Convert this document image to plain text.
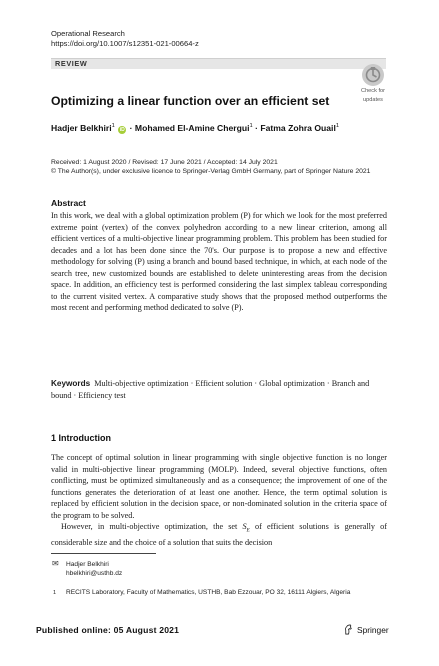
Operational Research
https://doi.org/10.1007/s12351-021-00664-z
REVIEW
Check for
updates
Optimizing a linear function over an efficient set
Hadjer Belkhiri$^1$ iD · Mohamed El-Amine Chergui$^1$ · Fatma Zohra Ouail$^1$
Received: 1 August 2020 / Revised: 17 June 2021 / Accepted: 14 July 2021
© The Author(s), under exclusive licence to Springer-Verlag GmbH Germany, part of Springer Nature 2021
Abstract
In this work, we deal with a global optimization problem (P) for which we look for the most preferred extreme point (vertex) of the convex polyhedron according to a new linear criterion, among all efficient vertices of a multi-objective linear programming problem. This problem has been studied for decades and a lot has been done since the 70's. Our purpose is to propose a new and effective methodology for solving (P) using a branch and bound based technique, in which, at each node of the search tree, new customized bounds are established to delete uninteresting areas from the decision space. In addition, an efficiency test is performed considering the last simplex tableau corresponding to the current visited vertex. A comparative study shows that the proposed method outperforms the most recent and performing method dedicated to solve (P).
Keywords Multi-objective optimization · Efficient solution · Global optimization · Branch and bound · Efficiency test
1 Introduction

The concept of optimal solution in linear programming with single objective function is no longer valid in multi-objective linear programming (MOLP). Indeed, several objective functions, often conflicting, must be optimized simultaneously and as a consequence; the improvement of one of the functions generates the deterioration of at least one another. Hence, the term optimal solution is replaced by efficient solution in the decision space, or non-dominated solution in the criteria space of the program to be solved.

However, in multi-objective optimization, the set $S_E$ of efficient solutions is generally of considerable size and the choice of a solution that suits the decision

✉ Hadjer Belkhiri
hbelkhiri@usthb.dz
1 RECITS Laboratory, Faculty of Mathematics, USTHB, Bab Ezzouar, PO 32, 16111 Algiers, Algeria
Published online: 05 August 2021	Springer
